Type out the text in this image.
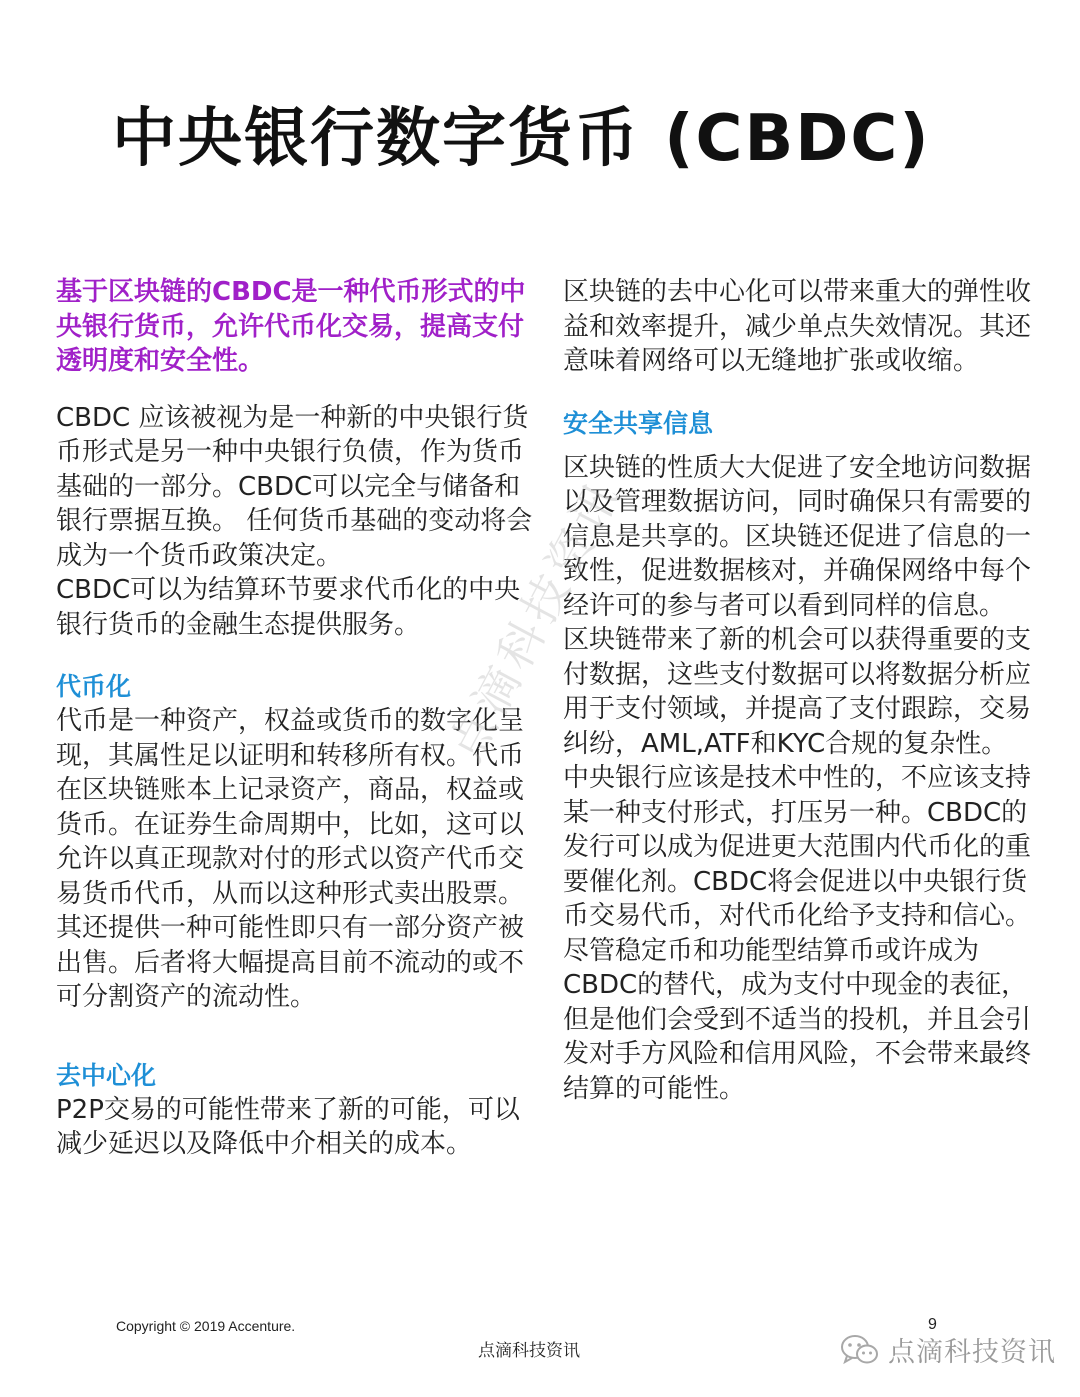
中央银行数字货币 (CBDC)

基于区块链的CBDC是一种代币形式的中央银行货币，允许代币化交易，提高支付透明度和安全性。

CBDC 应该被视为是一种新的中央银行货币形式是另一种中央银行负债，作为货币基础的一部分。CBDC可以完全与储备和银行票据互换。 任何货币基础的变动将会成为一个货币政策决定。

CBDC可以为结算环节要求代币化的中央银行货币的金融生态提供服务。

代币化

代币是一种资产，权益或货币的数字化呈现，其属性足以证明和转移所有权。代币在区块链账本上记录资产，商品，权益或货币。在证券生命周期中，比如，这可以允许以真正现款对付的形式以资产代币交易货币代币，从而以这种形式卖出股票。其还提供一种可能性即只有一部分资产被出售。后者将大幅提高目前不流动的或不可分割资产的流动性。

去中心化

P2P交易的可能性带来了新的可能，可以减少延迟以及降低中介相关的成本。

区块链的去中心化可以带来重大的弹性收益和效率提升，减少单点失效情况。其还意味着网络可以无缝地扩张或收缩。

安全共享信息

区块链的性质大大促进了安全地访问数据以及管理数据访问，同时确保只有需要的信息是共享的。区块链还促进了信息的一致性，促进数据核对，并确保网络中每个经许可的参与者可以看到同样的信息。

区块链带来了新的机会可以获得重要的支付数据，这些支付数据可以将数据分析应用于支付领域，并提高了支付跟踪，交易纠纷，AML,ATF和KYC合规的复杂性。

中央银行应该是技术中性的，不应该支持某一种支付形式，打压另一种。CBDC的发行可以成为促进更大范围内代币化的重要催化剂。CBDC将会促进以中央银行货币交易代币，对代币化给予支持和信心。尽管稳定币和功能型结算币或许成为CBDC的替代，成为支付中现金的表征，但是他们会受到不适当的投机，并且会引发对手方风险和信用风险，不会带来最终结算的可能性。

点滴科技资讯
Copyright © 2019 Accenture.	9
点滴科技资讯	点滴科技资讯
